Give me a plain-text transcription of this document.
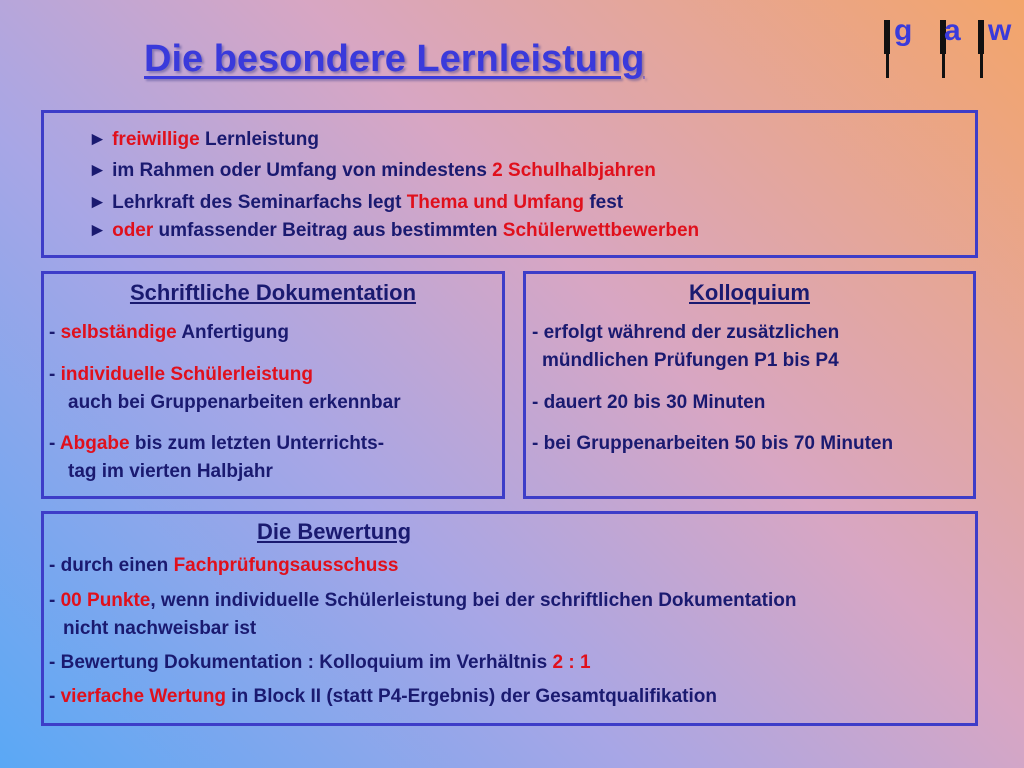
Die besondere Lernleistung
g a w
► freiwillige Lernleistung
► im Rahmen oder Umfang von mindestens 2 Schulhalbjahren
► Lehrkraft des Seminarfachs legt Thema und Umfang fest
► oder umfassender Beitrag aus bestimmten Schülerwettbewerben
Schriftliche Dokumentation
- selbständige Anfertigung
- individuelle Schülerleistung
auch bei Gruppenarbeiten erkennbar
- Abgabe bis zum letzten Unterrichts-
tag im vierten Halbjahr
Kolloquium
- erfolgt während der zusätzlichen
mündlichen Prüfungen P1 bis P4
- dauert 20 bis 30 Minuten
- bei Gruppenarbeiten 50 bis 70 Minuten
Die Bewertung
- durch einen Fachprüfungsausschuss
- 00 Punkte, wenn individuelle Schülerleistung bei der schriftlichen Dokumentation
nicht nachweisbar ist
- Bewertung Dokumentation : Kolloquium im Verhältnis 2 : 1
- vierfache Wertung in Block II (statt P4-Ergebnis) der Gesamtqualifikation
